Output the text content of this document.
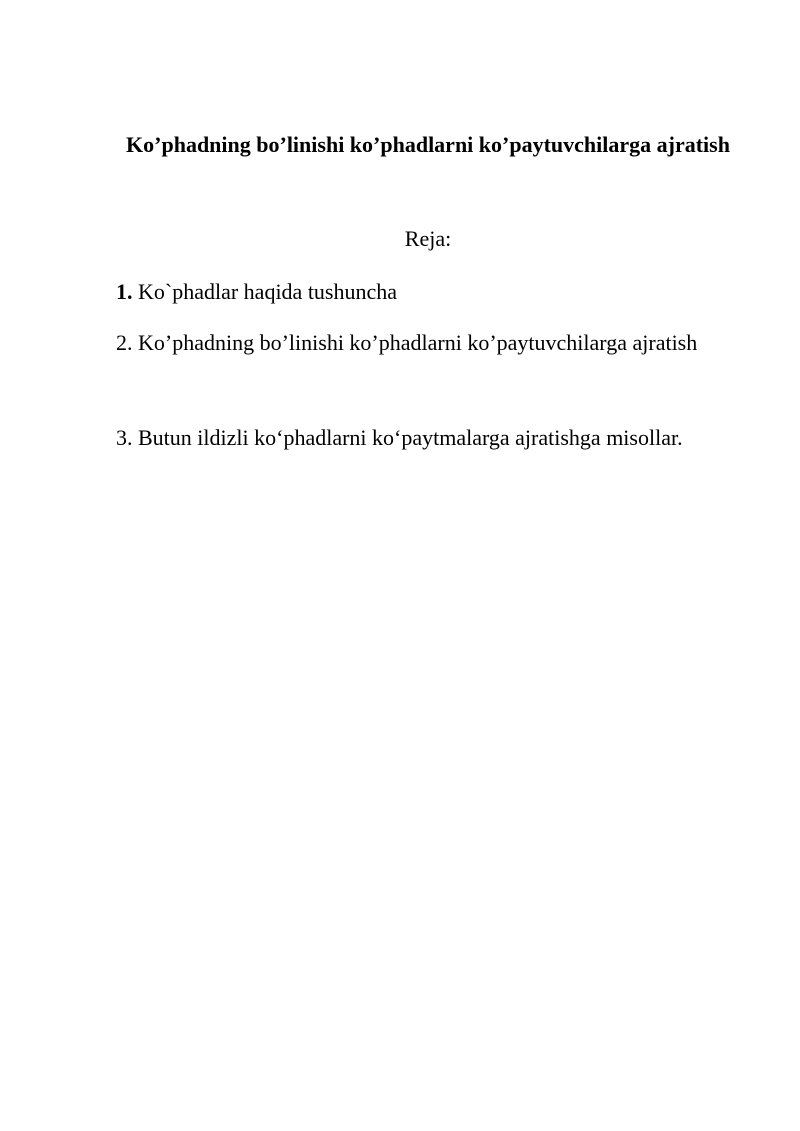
Ko’phadning bo’linishi ko’phadlarni ko’paytuvchilarga ajratish

Reja:

1. Ko`phadlar haqida tushuncha

2. Ko’phadning bo’linishi ko’phadlarni ko’paytuvchilarga ajratish

3. Butun ildizli ko‘phadlarni ko‘paytmalarga ajratishga misollar.
